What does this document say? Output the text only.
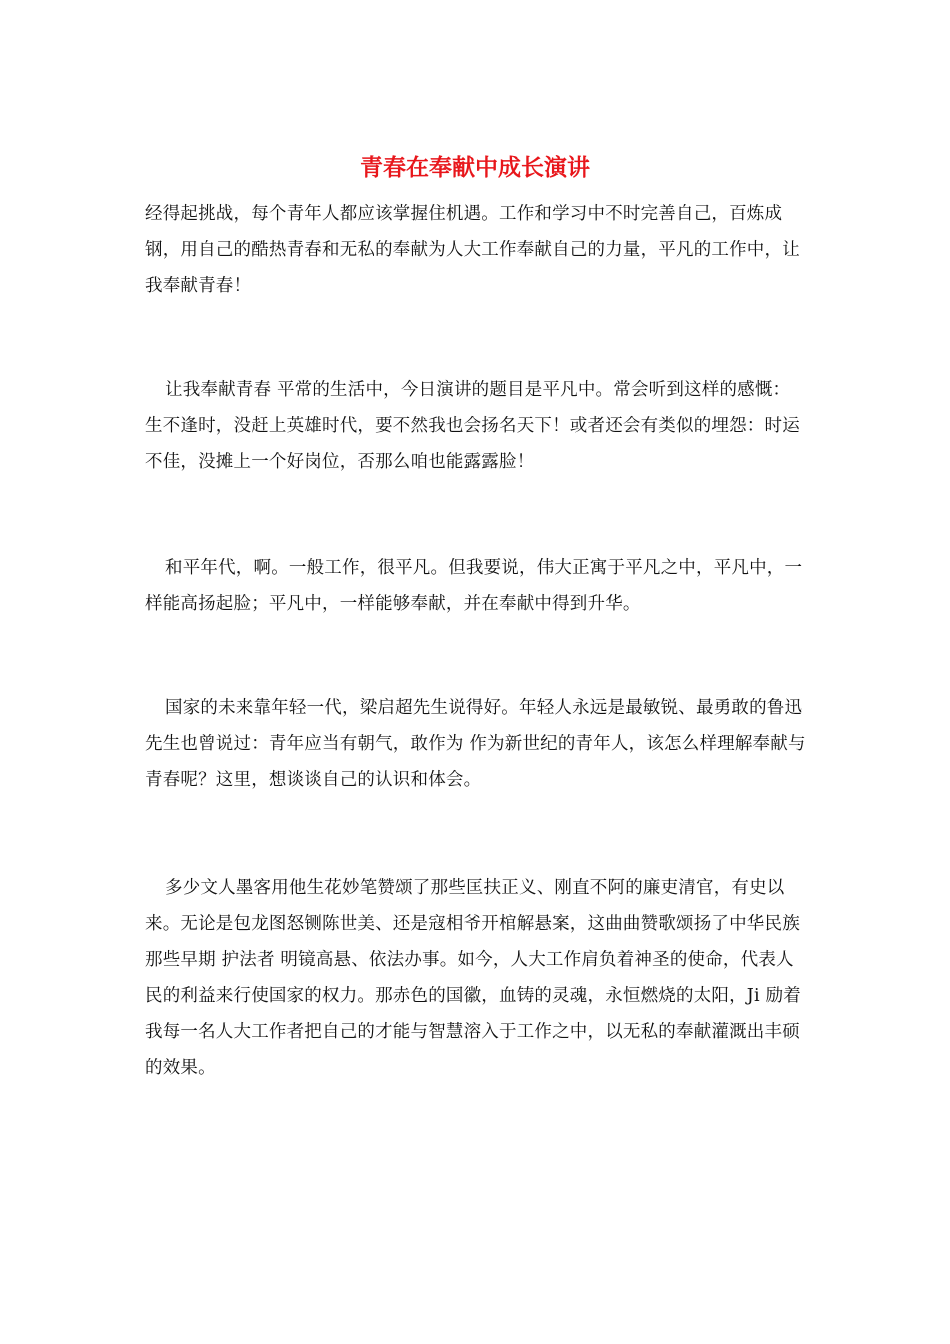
青春在奉献中成长演讲

经得起挑战，每个青年人都应该掌握住机遇。工作和学习中不时完善自己，百炼成钢，用自己的酷热青春和无私的奉献为人大工作奉献自己的力量，平凡的工作中，让我奉献青春！

让我奉献青春 平常的生活中，今日演讲的题目是平凡中。常会听到这样的感慨：生不逢时，没赶上英雄时代，要不然我也会扬名天下！或者还会有类似的埋怨：时运不佳，没摊上一个好岗位，否那么咱也能露露脸！

和平年代，啊。一般工作，很平凡。但我要说，伟大正寓于平凡之中，平凡中，一样能高扬起脸；平凡中，一样能够奉献，并在奉献中得到升华。

国家的未来靠年轻一代，梁启超先生说得好。年轻人永远是最敏锐、最勇敢的鲁迅先生也曾说过：青年应当有朝气，敢作为 作为新世纪的青年人，该怎么样理解奉献与青春呢？这里，想谈谈自己的认识和体会。

多少文人墨客用他生花妙笔赞颂了那些匡扶正义、刚直不阿的廉吏清官，有史以来。无论是包龙图怒铡陈世美、还是寇相爷开棺解悬案，这曲曲赞歌颂扬了中华民族那些早期 护法者 明镜高悬、依法办事。如今，人大工作肩负着神圣的使命，代表人民的利益来行使国家的权力。那赤色的国徽，血铸的灵魂，永恒燃烧的太阳，Ji 励着我每一名人大工作者把自己的才能与智慧溶入于工作之中，以无私的奉献灌溉出丰硕的效果。
